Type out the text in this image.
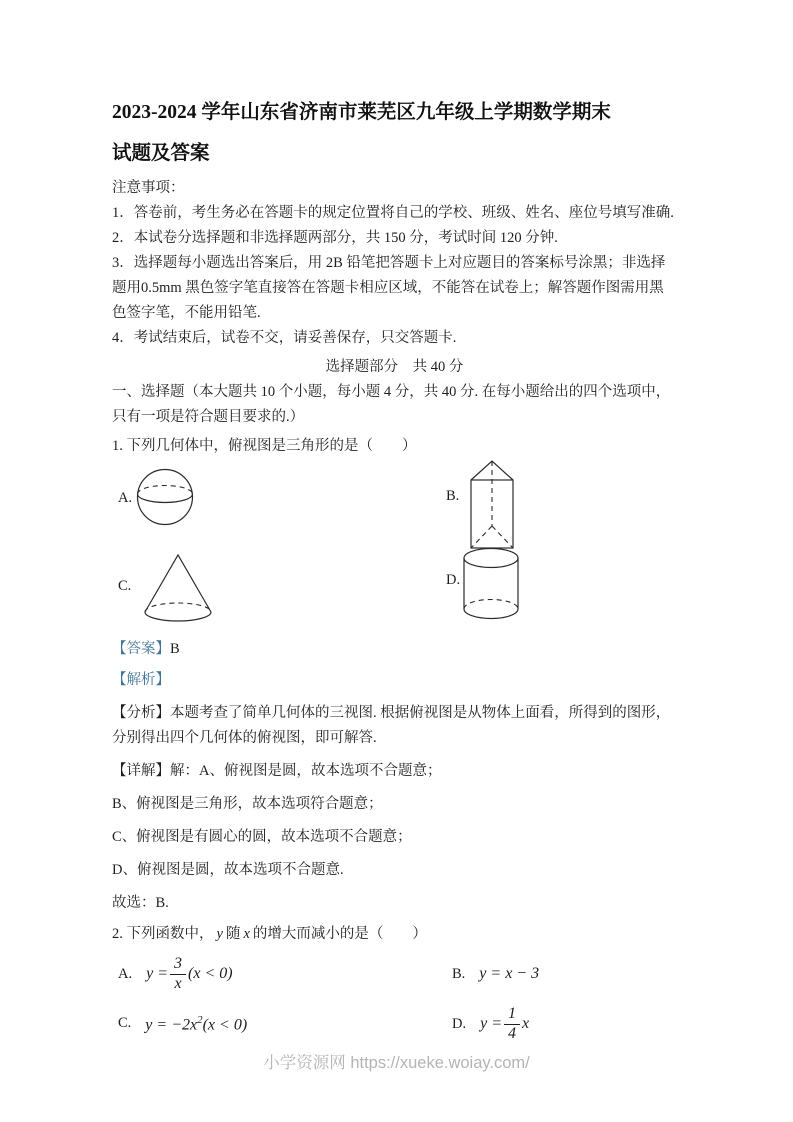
2023-2024 学年山东省济南市莱芜区九年级上学期数学期末
试题及答案

注意事项：

1．答卷前，考生务必在答题卡的规定位置将自己的学校、班级、姓名、座位号填写准确.

2．本试卷分选择题和非选择题两部分，共 150 分，考试时间 120 分钟.

3．选择题每小题选出答案后，用 2B 铅笔把答题卡上对应题目的答案标号涂黑；非选择题用0.5mm 黑色签字笔直接答在答题卡相应区域，不能答在试卷上；解答题作图需用黑色签字笔，不能用铅笔.

4．考试结束后，试卷不交，请妥善保存，只交答题卡.

选择题部分　共 40 分

一、选择题（本大题共 10 个小题，每小题 4 分，共 40 分. 在每小题给出的四个选项中，只有一项是符合题目要求的.）

1. 下列几何体中，俯视图是三角形的是（　　）

A.	B.
C.	D.

【答案】B

【解析】

【分析】本题考查了简单几何体的三视图. 根据俯视图是从物体上面看，所得到的图形，分别得出四个几何体的俯视图，即可解答.

【详解】解：A、俯视图是圆，故本选项不合题意；

B、俯视图是三角形，故本选项符合题意；

C、俯视图是有圆心的圆，故本选项不合题意；

D、俯视图是圆，故本选项不合题意.

故选：B.

2. 下列函数中， y 随 x 的增大而减小的是（　　）

A. $y = \frac{3}{x} (x < 0)$	B. y = x − 3
C. $y = -2x^2(x < 0)$	D. $y = \frac{1}{4}$ x
小学资源网 https://xueke.woiay.com/
